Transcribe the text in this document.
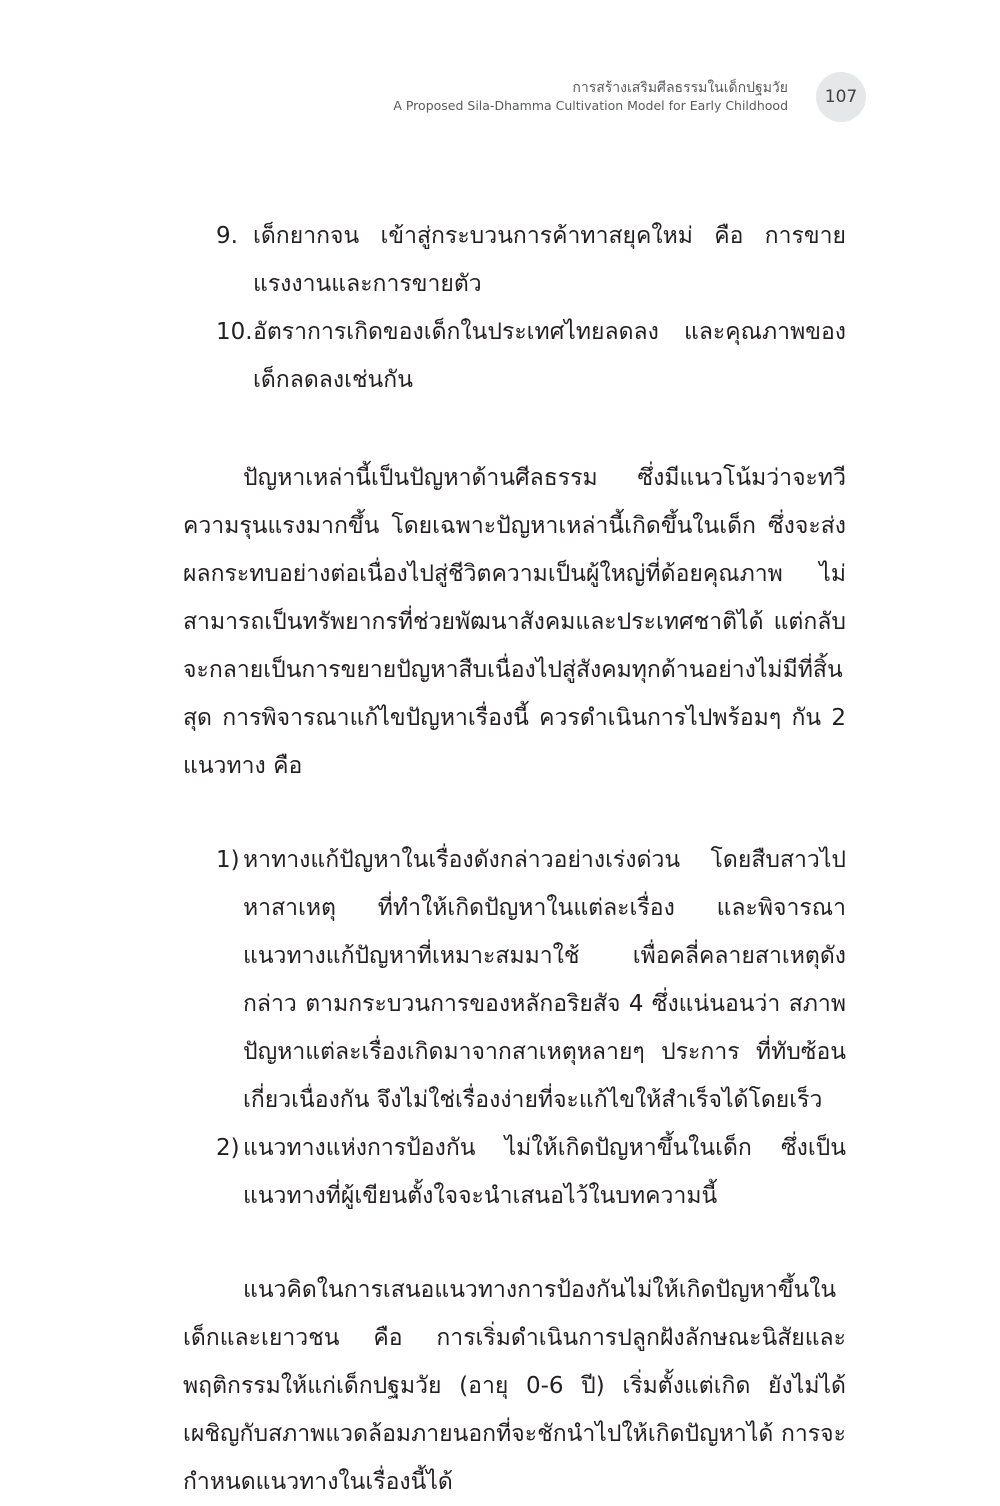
การสร้างเสริมศีลธรรมในเด็กปฐมวัย
A Proposed Sila-Dhamma Cultivation Model for Early Childhood 107
9. เด็กยากจน เข้าสู่กระบวนการค้าทาสยุคใหม่ คือ การขายแรงงานและการขายตัว
10. อัตราการเกิดของเด็กในประเทศไทยลดลง และคุณภาพของเด็กลดลงเช่นกัน

ปัญหาเหล่านี้เป็นปัญหาด้านศีลธรรม ซึ่งมีแนวโน้มว่าจะทวีความรุนแรงมากขึ้น โดยเฉพาะปัญหาเหล่านี้เกิดขึ้นในเด็ก ซึ่งจะส่งผลกระทบอย่างต่อเนื่องไปสู่ชีวิตความเป็นผู้ใหญ่ที่ด้อยคุณภาพ ไม่สามารถเป็นทรัพยากรที่ช่วยพัฒนาสังคมและประเทศชาติได้ แต่กลับจะกลายเป็นการขยายปัญหาสืบเนื่องไปสู่สังคมทุกด้านอย่างไม่มีที่สิ้นสุด การพิจารณาแก้ไขปัญหาเรื่องนี้ ควรดำเนินการไปพร้อมๆ กัน 2 แนวทาง คือ

1) หาทางแก้ปัญหาในเรื่องดังกล่าวอย่างเร่งด่วน โดยสืบสาวไปหาสาเหตุ ที่ทำให้เกิดปัญหาในแต่ละเรื่อง และพิจารณาแนวทางแก้ปัญหาที่เหมาะสมมาใช้ เพื่อคลี่คลายสาเหตุดังกล่าว ตามกระบวนการของหลักอริยสัจ 4 ซึ่งแน่นอนว่า สภาพปัญหาแต่ละเรื่องเกิดมาจากสาเหตุหลายๆ ประการ ที่ทับซ้อนเกี่ยวเนื่องกัน จึงไม่ใช่เรื่องง่ายที่จะแก้ไขให้สำเร็จได้โดยเร็ว
2) แนวทางแห่งการป้องกัน ไม่ให้เกิดปัญหาขึ้นในเด็ก ซึ่งเป็นแนวทางที่ผู้เขียนตั้งใจจะนำเสนอไว้ในบทความนี้

แนวคิดในการเสนอแนวทางการป้องกันไม่ให้เกิดปัญหาขึ้นในเด็กและเยาวชน คือ การเริ่มดำเนินการปลูกฝังลักษณะนิสัยและพฤติกรรมให้แก่เด็กปฐมวัย (อายุ 0-6 ปี) เริ่มตั้งแต่เกิด ยังไม่ได้เผชิญกับสภาพแวดล้อมภายนอกที่จะชักนำไปให้เกิดปัญหาได้ การจะกำหนดแนวทางในเรื่องนี้ได้
